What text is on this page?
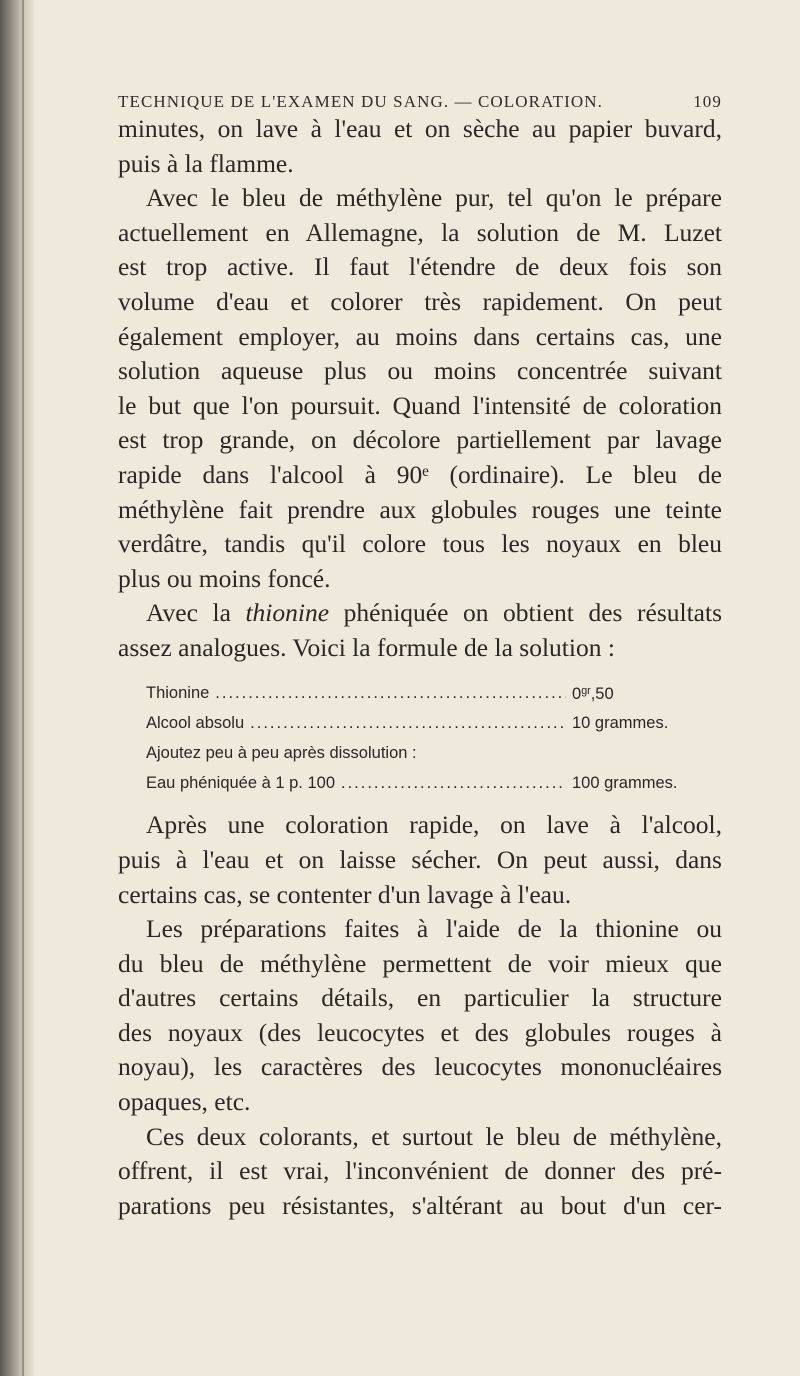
TECHNIQUE DE L'EXAMEN DU SANG. — COLORATION.	109

minutes, on lave à l'eau et on sèche au papier buvard,
puis à la flamme.

Avec le bleu de méthylène pur, tel qu'on le prépare
actuellement en Allemagne, la solution de M. Luzet
est trop active. Il faut l'étendre de deux fois son
volume d'eau et colorer très rapidement. On peut
également employer, au moins dans certains cas, une
solution aqueuse plus ou moins concentrée suivant
le but que l'on poursuit. Quand l'intensité de coloration
est trop grande, on décolore partiellement par lavage
rapide dans l'alcool à 90ᵉ (ordinaire). Le bleu de
méthylène fait prendre aux globules rouges une teinte
verdâtre, tandis qu'il colore tous les noyaux en bleu
plus ou moins foncé.

Avec la thionine phéniquée on obtient des résultats
assez analogues. Voici la formule de la solution :

Thionine .....	$0^{gr},50$
Alcool absolu .....	10 grammes.
Ajoutez peu à peu après dissolution :
Eau phéniquée à 1 p. 100 .....	100 grammes.

Après une coloration rapide, on lave à l'alcool,
puis à l'eau et on laisse sécher. On peut aussi, dans
certains cas, se contenter d'un lavage à l'eau.

Les préparations faites à l'aide de la thionine ou
du bleu de méthylène permettent de voir mieux que
d'autres certains détails, en particulier la structure
des noyaux (des leucocytes et des globules rouges à
noyau), les caractères des leucocytes mononucléaires
opaques, etc.

Ces deux colorants, et surtout le bleu de méthylène,
offrent, il est vrai, l'inconvénient de donner des pré-
parations peu résistantes, s'altérant au bout d'un cer-
